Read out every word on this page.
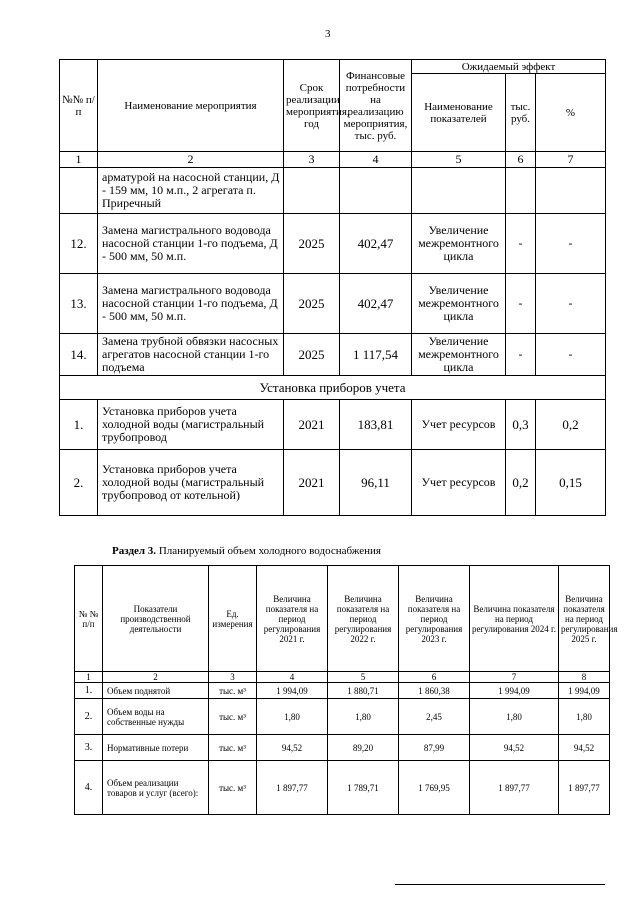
3
№№ п/п	Наименование мероприятия	Срок реализации мероприятия, год	Финансовые потребности на реализацию мероприятия, тыс. руб.	Ожидаемый эффект		
				Наименование показателей	тыс. руб.	%
1	2	3	4	5	6	7
	арматурой на насосной станции, Д - 159 мм, 10 м.п., 2 агрегата п. Приречный					
12.	Замена магистрального водовода насосной станции 1-го подъема, Д - 500 мм, 50 м.п.	2025	402,47	Увеличение межремонтного цикла	-	-
13.	Замена магистрального водовода насосной станции 1-го подъема, Д - 500 мм, 50 м.п.	2025	402,47	Увеличение межремонтного цикла	-	-
14.	Замена трубной обвязки насосных агрегатов насосной станции 1-го подъема	2025	1 117,54	Увеличение межремонтного цикла	-	-
Установка приборов учета						
1.	Установка приборов учета холодной воды (магистральный трубопровод	2021	183,81	Учет ресурсов	0,3	0,2
2.	Установка приборов учета холодной воды (магистральный трубопровод от котельной)	2021	96,11	Учет ресурсов	0,2	0,15
Раздел 3. Планируемый объем холодного водоснабжения
№ № п/п	Показатели производственной деятельности	Ед. измерения	Величина показателя на период регулирования 2021 г.	Величина показателя на период регулирования 2022 г.	Величина показателя на период регулирования 2023 г.	Величина показателя на период регулирования 2024 г.	Величина показателя на период регулирования 2025 г.
1	2	3	4	5	6	7	8
1.	Объем поднятой	тыс. м³	1 994,09	1 880,71	1 860,38	1 994,09	1 994,09
2.	Объем воды на собственные нужды	тыс. м³	1,80	1,80	2,45	1,80	1,80
3.	Нормативные потери	тыс. м³	94,52	89,20	87,99	94,52	94,52
4.	Объем реализации товаров и услуг (всего):	тыс. м³	1 897,77	1 789,71	1 769,95	1 897,77	1 897,77
